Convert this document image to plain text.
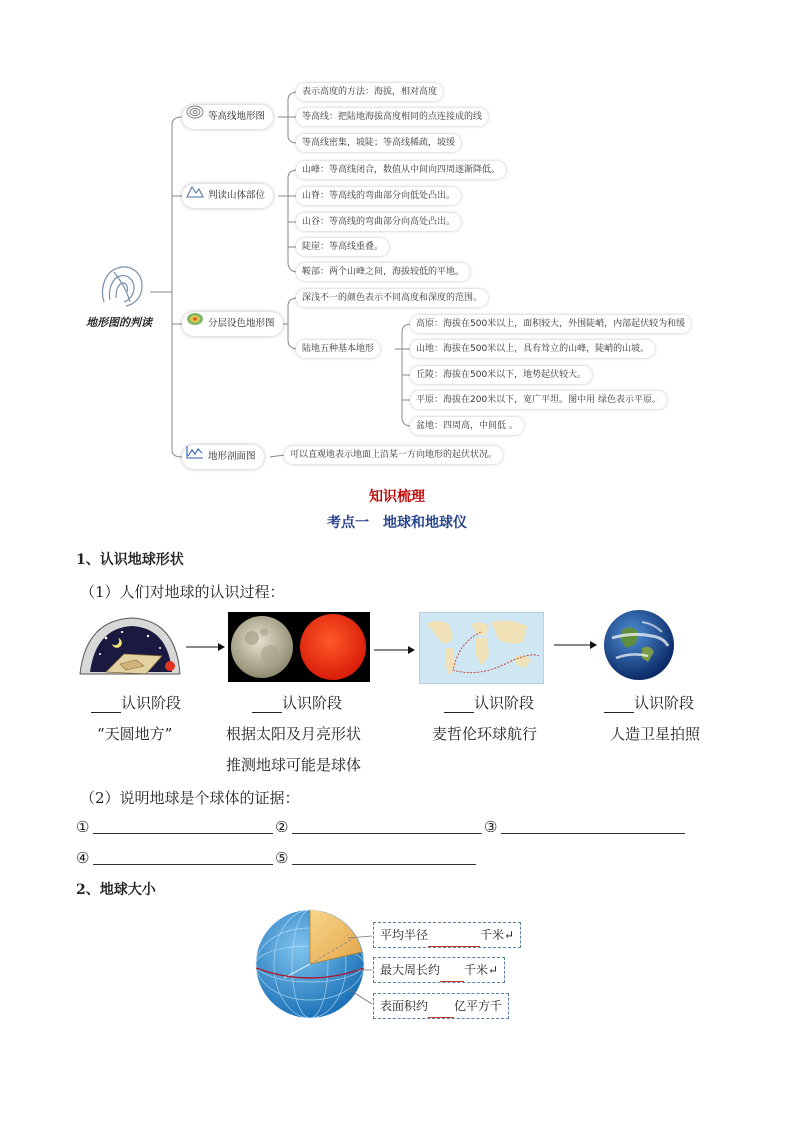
地形图的判读
等高线地形图
表示高度的方法：海拔，相对高度
等高线：把陆地海拔高度相同的点连接成的线
等高线密集，坡陡；等高线稀疏，坡缓
判读山体部位
山峰：等高线闭合，数值从中间向四周逐渐降低。
山脊：等高线的弯曲部分向低处凸出。
山谷：等高线的弯曲部分向高处凸出。
陡崖：等高线重叠。
鞍部：两个山峰之间，海拔较低的平地。
分层设色地形图
深浅不一的颜色表示不同高度和深度的范围。
陆地五种基本地形
高原：海拔在500米以上，面积较大，外围陡峭，内部起伏较为和缓
山地：海拔在500米以上，具有耸立的山峰，陡峭的山坡。
丘陵：海拔在500米以下，地势起伏较大。
平原：海拔在200米以下，宽广平坦。图中用 绿色表示平原。
盆地：四周高，中间低 。
地形剖面图	可以直观地表示地面上沿某一方向地形的起伏状况。
知识梳理
考点一　地球和地球仪
1、认识地球形状
（1）人们对地球的认识过程：
认识阶段
“天圆地方”
认识阶段
根据太阳及月亮形状
推测地球可能是球体
认识阶段
麦哲伦环球航行
认识阶段
人造卫星拍照
（2）说明地球是个球体的证据：
①	②	③
④	⑤
2、地球大小
平均半径	千米↵
最大周长约 千米↵
表面积约 亿平方千
